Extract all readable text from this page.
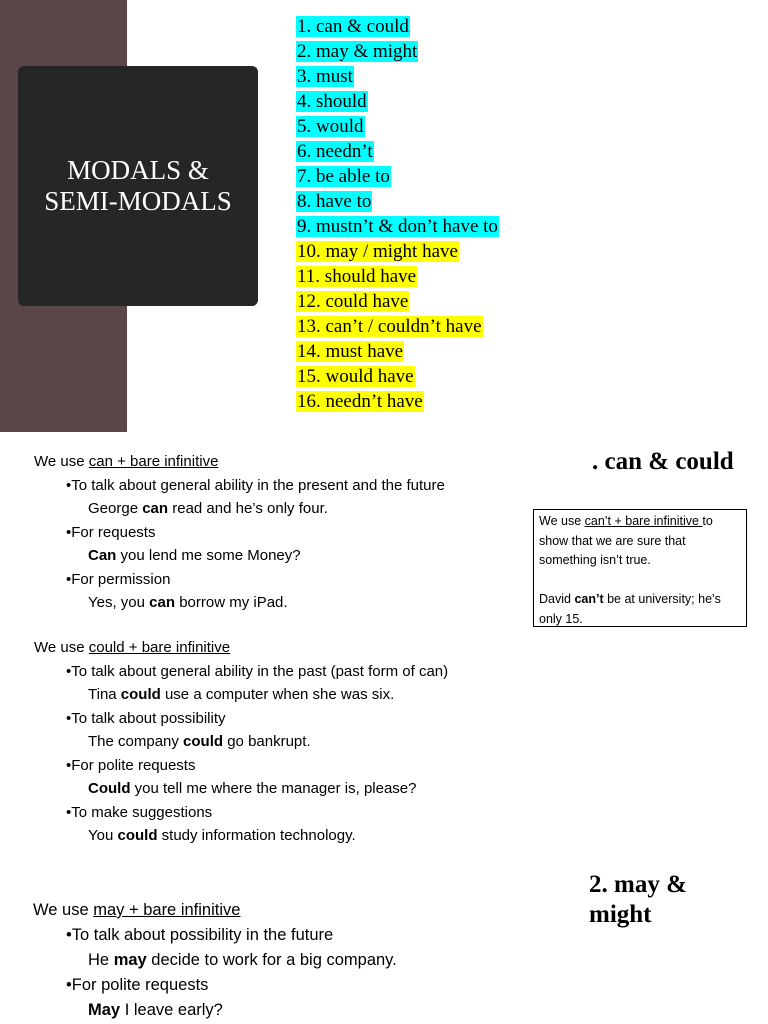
MODALS &
SEMI-MODALS
1. can & could
2. may & might
3. must
4. should
5. would
6. needn’t
7. be able to
8. have to
9. mustn’t & don’t have to
10. may / might have
11. should have
12. could have
13. can’t / couldn’t have
14. must have
15. would have
16. needn’t have
. can & could
We use can + bare infinitive
•To talk about general ability in the present and the future
George can read and he’s only four.
•For requests
Can you lend me some Money?
•For permission
Yes, you can borrow my iPad.
We use could + bare infinitive
•To talk about general ability in the past (past form of can)
Tina could use a computer when she was six.
•To talk about possibility
The company could go bankrupt.
•For polite requests
Could you tell me where the manager is, please?
•To make suggestions
You could study information technology.

We use can’t + bare infinitive to show that we are sure that something isn’t true.

David can’t be at university; he’s only 15.

2. may &
might
We use may + bare infinitive
•To talk about possibility in the future
He may decide to work for a big company.
•For polite requests
May I leave early?
